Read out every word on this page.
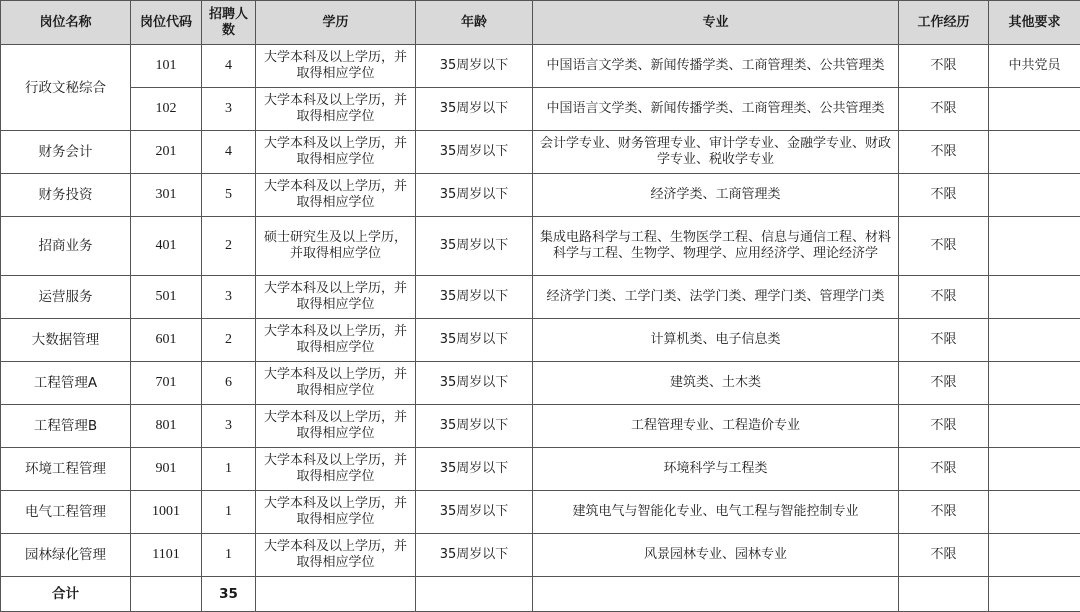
岗位名称	岗位代码	招聘人数	学历	年龄	专业	工作经历	其他要求
行政文秘综合	101	4	大学本科及以上学历，并取得相应学位	35周岁以下	中国语言文学类、新闻传播学类、工商管理类、公共管理类	不限	中共党员
	102	3	大学本科及以上学历，并取得相应学位	35周岁以下	中国语言文学类、新闻传播学类、工商管理类、公共管理类	不限	
财务会计	201	4	大学本科及以上学历，并取得相应学位	35周岁以下	会计学专业、财务管理专业、审计学专业、金融学专业、财政学专业、税收学专业	不限	
财务投资	301	5	大学本科及以上学历，并取得相应学位	35周岁以下	经济学类、工商管理类	不限	
招商业务	401	2	硕士研究生及以上学历，并取得相应学位	35周岁以下	集成电路科学与工程、生物医学工程、信息与通信工程、材料科学与工程、生物学、物理学、应用经济学、理论经济学	不限	
运营服务	501	3	大学本科及以上学历，并取得相应学位	35周岁以下	经济学门类、工学门类、法学门类、理学门类、管理学门类	不限	
大数据管理	601	2	大学本科及以上学历，并取得相应学位	35周岁以下	计算机类、电子信息类	不限	
工程管理A	701	6	大学本科及以上学历，并取得相应学位	35周岁以下	建筑类、土木类	不限	
工程管理B	801	3	大学本科及以上学历，并取得相应学位	35周岁以下	工程管理专业、工程造价专业	不限	
环境工程管理	901	1	大学本科及以上学历，并取得相应学位	35周岁以下	环境科学与工程类	不限	
电气工程管理	1001	1	大学本科及以上学历，并取得相应学位	35周岁以下	建筑电气与智能化专业、电气工程与智能控制专业	不限	
园林绿化管理	1101	1	大学本科及以上学历，并取得相应学位	35周岁以下	风景园林专业、园林专业	不限	
合计		35					
